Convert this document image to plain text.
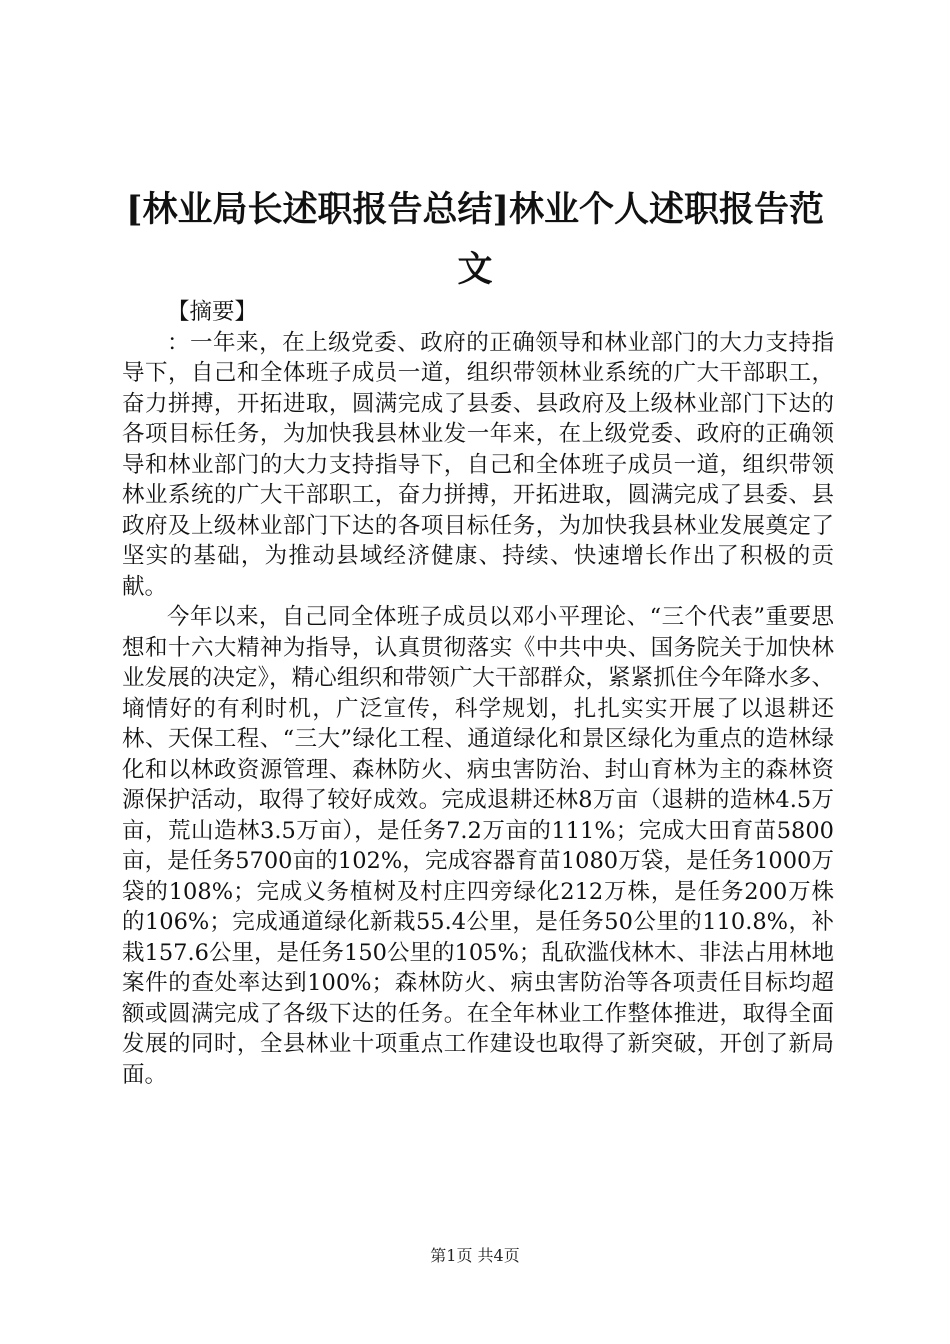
[林业局长述职报告总结]林业个人述职报告范文
【摘要】

：一年来，在上级党委、政府的正确领导和林业部门的大力支持指导下，自己和全体班子成员一道，组织带领林业系统的广大干部职工，奋力拼搏，开拓进取，圆满完成了县委、县政府及上级林业部门下达的各项目标任务，为加快我县林业发一年来，在上级党委、政府的正确领导和林业部门的大力支持指导下，自己和全体班子成员一道，组织带领林业系统的广大干部职工，奋力拼搏，开拓进取，圆满完成了县委、县政府及上级林业部门下达的各项目标任务，为加快我县林业发展奠定了坚实的基础，为推动县域经济健康、持续、快速增长作出了积极的贡献。

今年以来，自己同全体班子成员以邓小平理论、“三个代表”重要思想和十六大精神为指导，认真贯彻落实《中共中央、国务院关于加快林业发展的决定》，精心组织和带领广大干部群众，紧紧抓住今年降水多、墒情好的有利时机，广泛宣传，科学规划，扎扎实实开展了以退耕还林、天保工程、“三大”绿化工程、通道绿化和景区绿化为重点的造林绿化和以林政资源管理、森林防火、病虫害防治、封山育林为主的森林资源保护活动，取得了较好成效。完成退耕还林8万亩（退耕的造林4.5万亩，荒山造林3.5万亩），是任务7.2万亩的111%；完成大田育苗5800亩，是任务5700亩的102%，完成容器育苗1080万袋，是任务1000万袋的108%；完成义务植树及村庄四旁绿化212万株，是任务200万株的106%；完成通道绿化新栽55.4公里，是任务50公里的110.8%，补栽157.6公里，是任务150公里的105%；乱砍滥伐林木、非法占用林地案件的查处率达到100%；森林防火、病虫害防治等各项责任目标均超额或圆满完成了各级下达的任务。在全年林业工作整体推进，取得全面发展的同时，全县林业十项重点工作建设也取得了新突破，开创了新局面。

第1页 共4页
